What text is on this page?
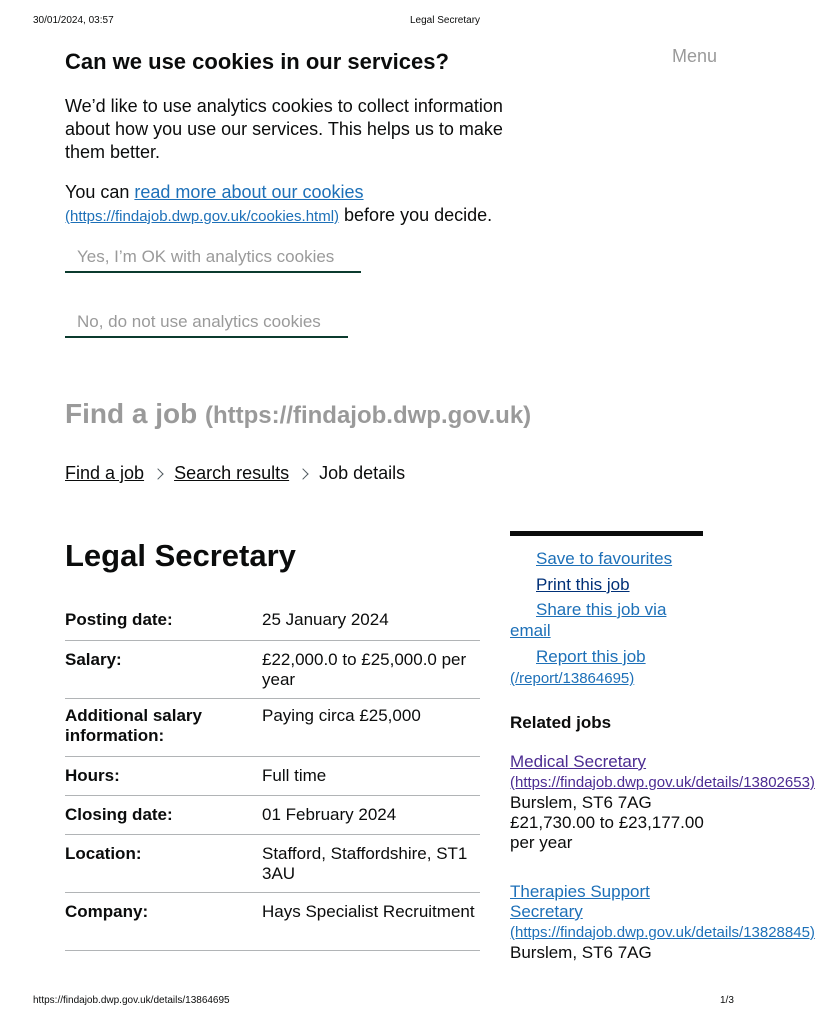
30/01/2024, 03:57	Legal Secretary
Can we use cookies in our services?

We’d like to use analytics cookies to collect information about how you use our services. This helps us to make them better.

You can read more about our cookies
(https://findajob.dwp.gov.uk/cookies.html) before you decide.

Yes, I’m OK with analytics cookies
No, do not use analytics cookies
Menu
Find a job (https://findajob.dwp.gov.uk)
Find a job Search results Job details
Legal Secretary
Posting date:	25 January 2024
Salary:	£22,000.0 to £25,000.0 per year
Additional salary information:	Paying circa £25,000
Hours:	Full time
Closing date:	01 February 2024
Location:	Stafford, Staffordshire, ST1 3AU
Company:	Hays Specialist Recruitment
Save to favourites
Print this job
Share this job via email
Report this job
(/report/13864695)
Related jobs
Medical Secretary
(https://findajob.dwp.gov.uk/details/13802653)
Burslem, ST6 7AG
£21,730.00 to £23,177.00 per year
Therapies Support Secretary
(https://findajob.dwp.gov.uk/details/13828845)
Burslem, ST6 7AG
https://findajob.dwp.gov.uk/details/13864695	1/3
